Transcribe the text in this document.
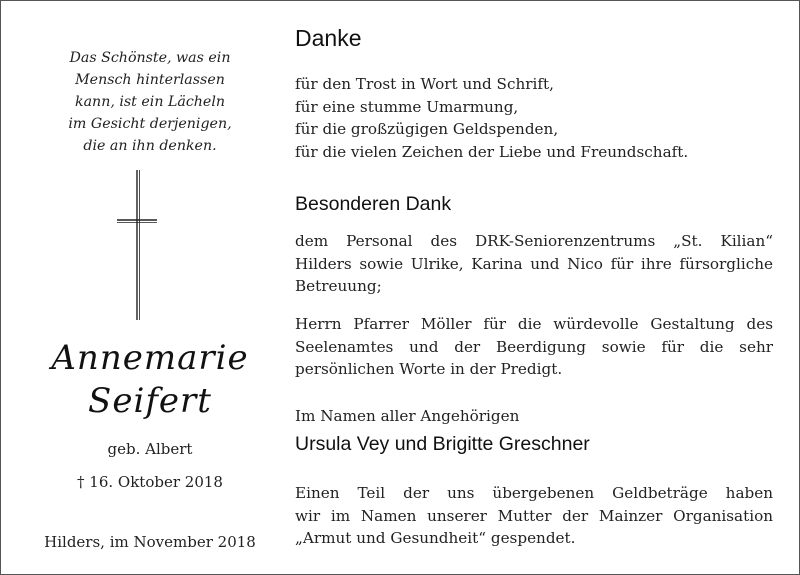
Das Schönste, was ein
Mensch hinterlassen
kann, ist ein Lächeln
im Gesicht derjenigen,
die an ihn denken.
Annemarie
Seifert
geb. Albert
† 16. Oktober 2018
Hilders, im November 2018
Danke
für den Trost in Wort und Schrift,
für eine stumme Umarmung,
für die großzügigen Geldspenden,
für die vielen Zeichen der Liebe und Freundschaft.
Besonderen Dank
dem Personal des DRK-Seniorenzentrums „St. Kilian“
Hilders sowie Ulrike, Karina und Nico für ihre fürsorgliche
Betreuung;
Herrn Pfarrer Möller für die würdevolle Gestaltung des
Seelenamtes und der Beerdigung sowie für die sehr
persönlichen Worte in der Predigt.
Im Namen aller Angehörigen
Ursula Vey und Brigitte Greschner
Einen Teil der uns übergebenen Geldbeträge haben
wir im Namen unserer Mutter der Mainzer Organisation
„Armut und Gesundheit“ gespendet.
